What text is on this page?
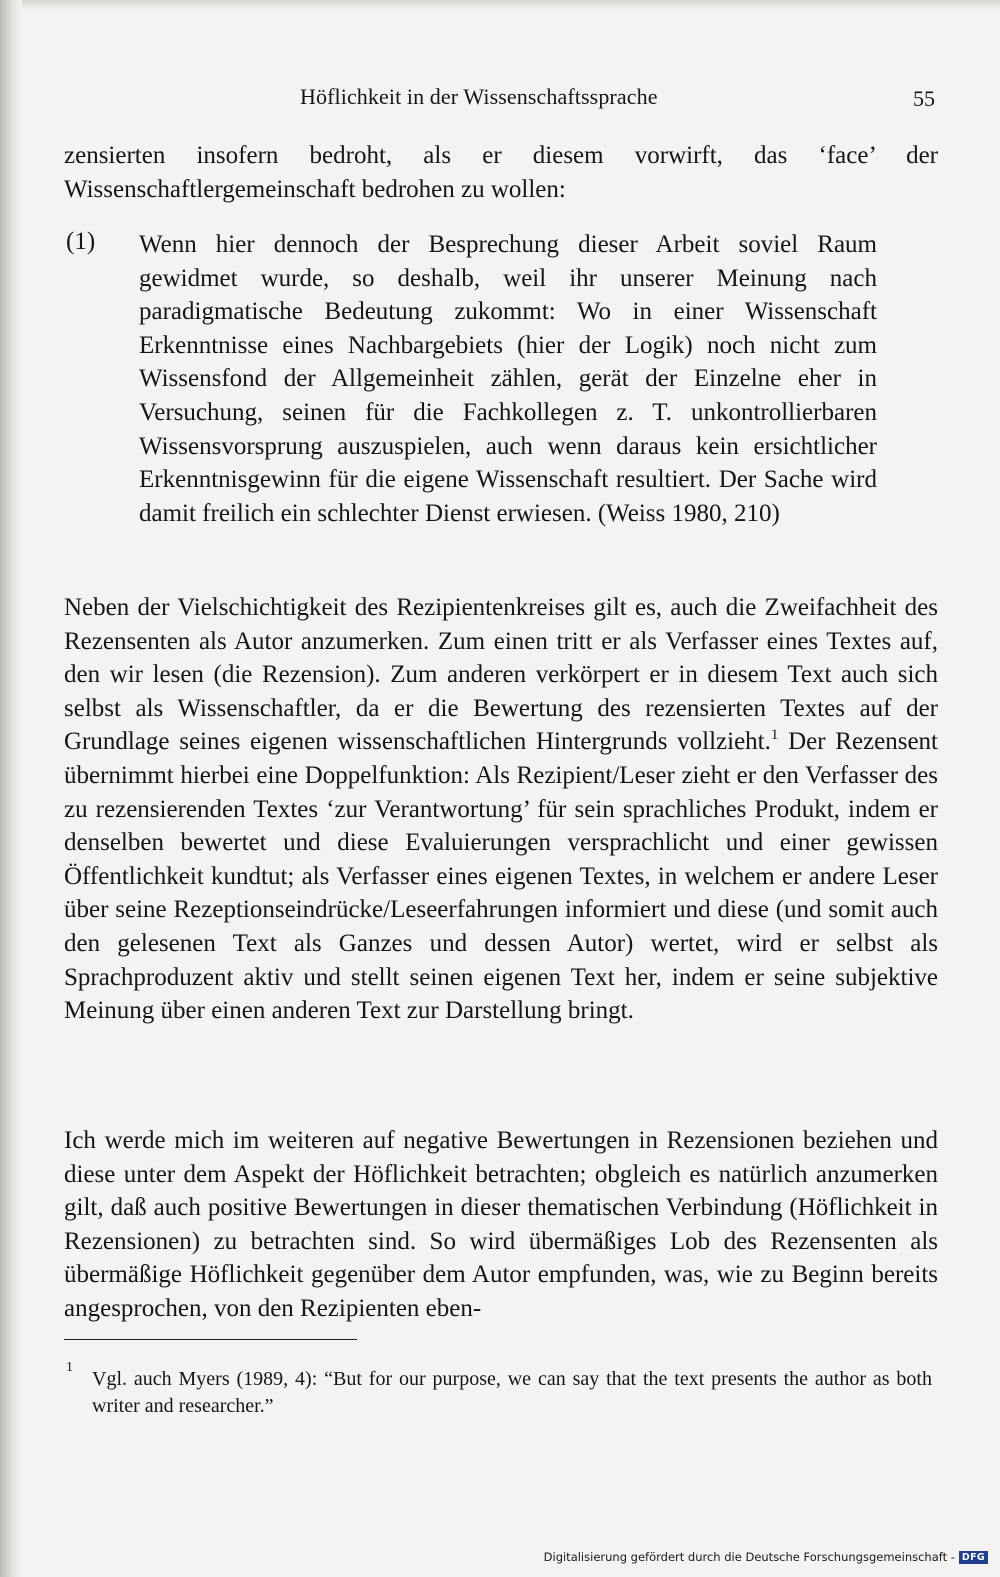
Höflichkeit in der Wissenschaftssprache	55

zensierten insofern bedroht, als er diesem vorwirft, das ‘face’ der Wissenschaftlergemeinschaft bedrohen zu wollen:

(1) Wenn hier dennoch der Besprechung dieser Arbeit soviel Raum gewidmet wurde, so deshalb, weil ihr unserer Meinung nach paradigmatische Bedeutung zukommt: Wo in einer Wissenschaft Erkenntnisse eines Nachbargebiets (hier der Logik) noch nicht zum Wissensfond der Allgemeinheit zählen, gerät der Einzelne eher in Versuchung, seinen für die Fachkollegen z. T. unkontrollierbaren Wissensvorsprung auszuspielen, auch wenn daraus kein ersichtlicher Erkenntnisgewinn für die eigene Wissenschaft resultiert. Der Sache wird damit freilich ein schlechter Dienst erwiesen. (Weiss 1980, 210)

Neben der Vielschichtigkeit des Rezipientenkreises gilt es, auch die Zweifachheit des Rezensenten als Autor anzumerken. Zum einen tritt er als Verfasser eines Textes auf, den wir lesen (die Rezension). Zum anderen verkörpert er in diesem Text auch sich selbst als Wissenschaftler, da er die Bewertung des rezensierten Textes auf der Grundlage seines eigenen wissenschaftlichen Hintergrunds vollzieht.$^1$ Der Rezensent übernimmt hierbei eine Doppelfunktion: Als Rezipient/Leser zieht er den Verfasser des zu rezensierenden Textes ‘zur Verantwortung’ für sein sprachliches Produkt, indem er denselben bewertet und diese Evaluierungen versprachlicht und einer gewissen Öffentlichkeit kundtut; als Verfasser eines eigenen Textes, in welchem er andere Leser über seine Rezeptionseindrücke/Leseerfahrungen informiert und diese (und somit auch den gelesenen Text als Ganzes und dessen Autor) wertet, wird er selbst als Sprachproduzent aktiv und stellt seinen eigenen Text her, indem er seine subjektive Meinung über einen anderen Text zur Darstellung bringt.

Ich werde mich im weiteren auf negative Bewertungen in Rezensionen beziehen und diese unter dem Aspekt der Höflichkeit betrachten; obgleich es natürlich anzumerken gilt, daß auch positive Bewertungen in dieser thematischen Verbindung (Höflichkeit in Rezensionen) zu betrachten sind. So wird übermäßiges Lob des Rezensenten als übermäßige Höflichkeit gegenüber dem Autor empfunden, was, wie zu Beginn bereits angesprochen, von den Rezipienten eben-

1

Vgl. auch Myers (1989, 4): “But for our purpose, we can say that the text presents the author as both writer and researcher.”

Digitalisierung gefördert durch die Deutsche Forschungsgemeinschaft - DFG
